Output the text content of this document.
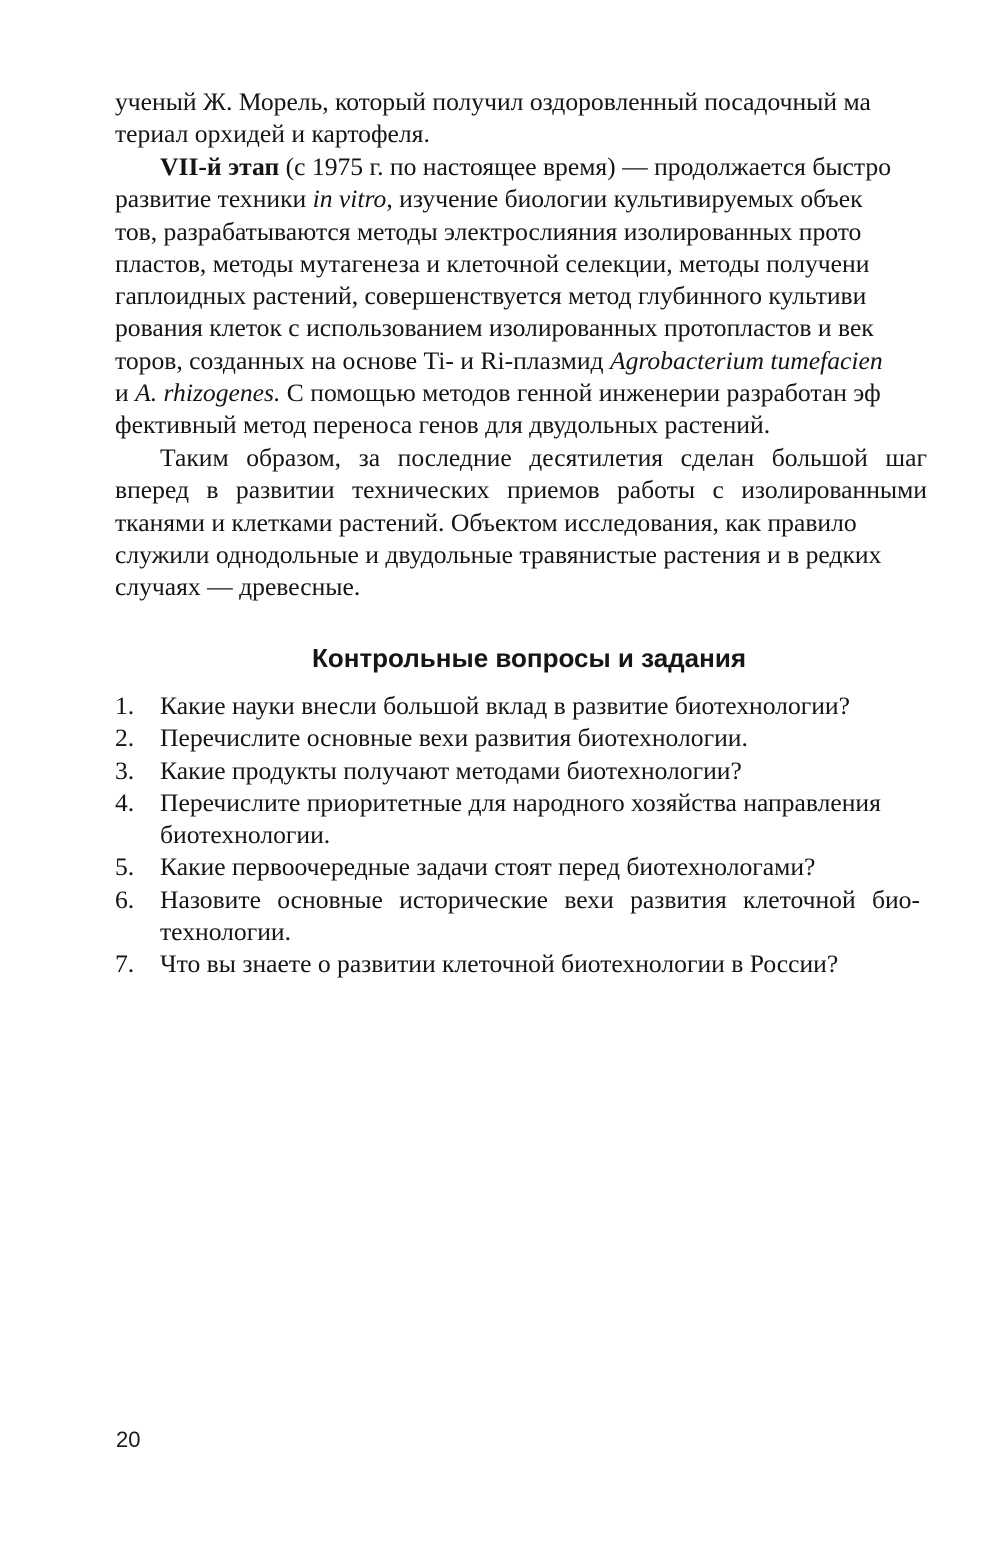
ученый Ж. Морель, который получил оздоровленный посадочный ма
териал орхидей и картофеля.
VII-й этап (с 1975 г. по настоящее время) — продолжается быстро
развитие техники in vitro, изучение биологии культивируемых объек
тов, разрабатываются методы электрослияния изолированных прото
пластов, методы мутагенеза и клеточной селекции, методы получени
гаплоидных растений, совершенствуется метод глубинного культиви
рования клеток с использованием изолированных протопластов и век
торов, созданных на основе Ti- и Ri-плазмид Agrobacterium tumefacien
и A. rhizogenes. С помощью методов генной инженерии разработан эф
фективный метод переноса генов для двудольных растений.
Таким образом, за последние десятилетия сделан большой шаг
вперед в развитии технических приемов работы с изолированными
тканями и клетками растений. Объектом исследования, как правило
служили однодольные и двудольные травянистые растения и в редких
случаях — древесные.
Контрольные вопросы и задания
1. Какие науки внесли большой вклад в развитие биотехнологии?
2. Перечислите основные вехи развития биотехнологии.
3. Какие продукты получают методами биотехнологии?
4. Перечислите приоритетные для народного хозяйства направления
биотехнологии.
5. Какие первоочередные задачи стоят перед биотехнологами?
6. Назовите основные исторические вехи развития клеточной био-
технологии.
7. Что вы знаете о развитии клеточной биотехнологии в России?
20
